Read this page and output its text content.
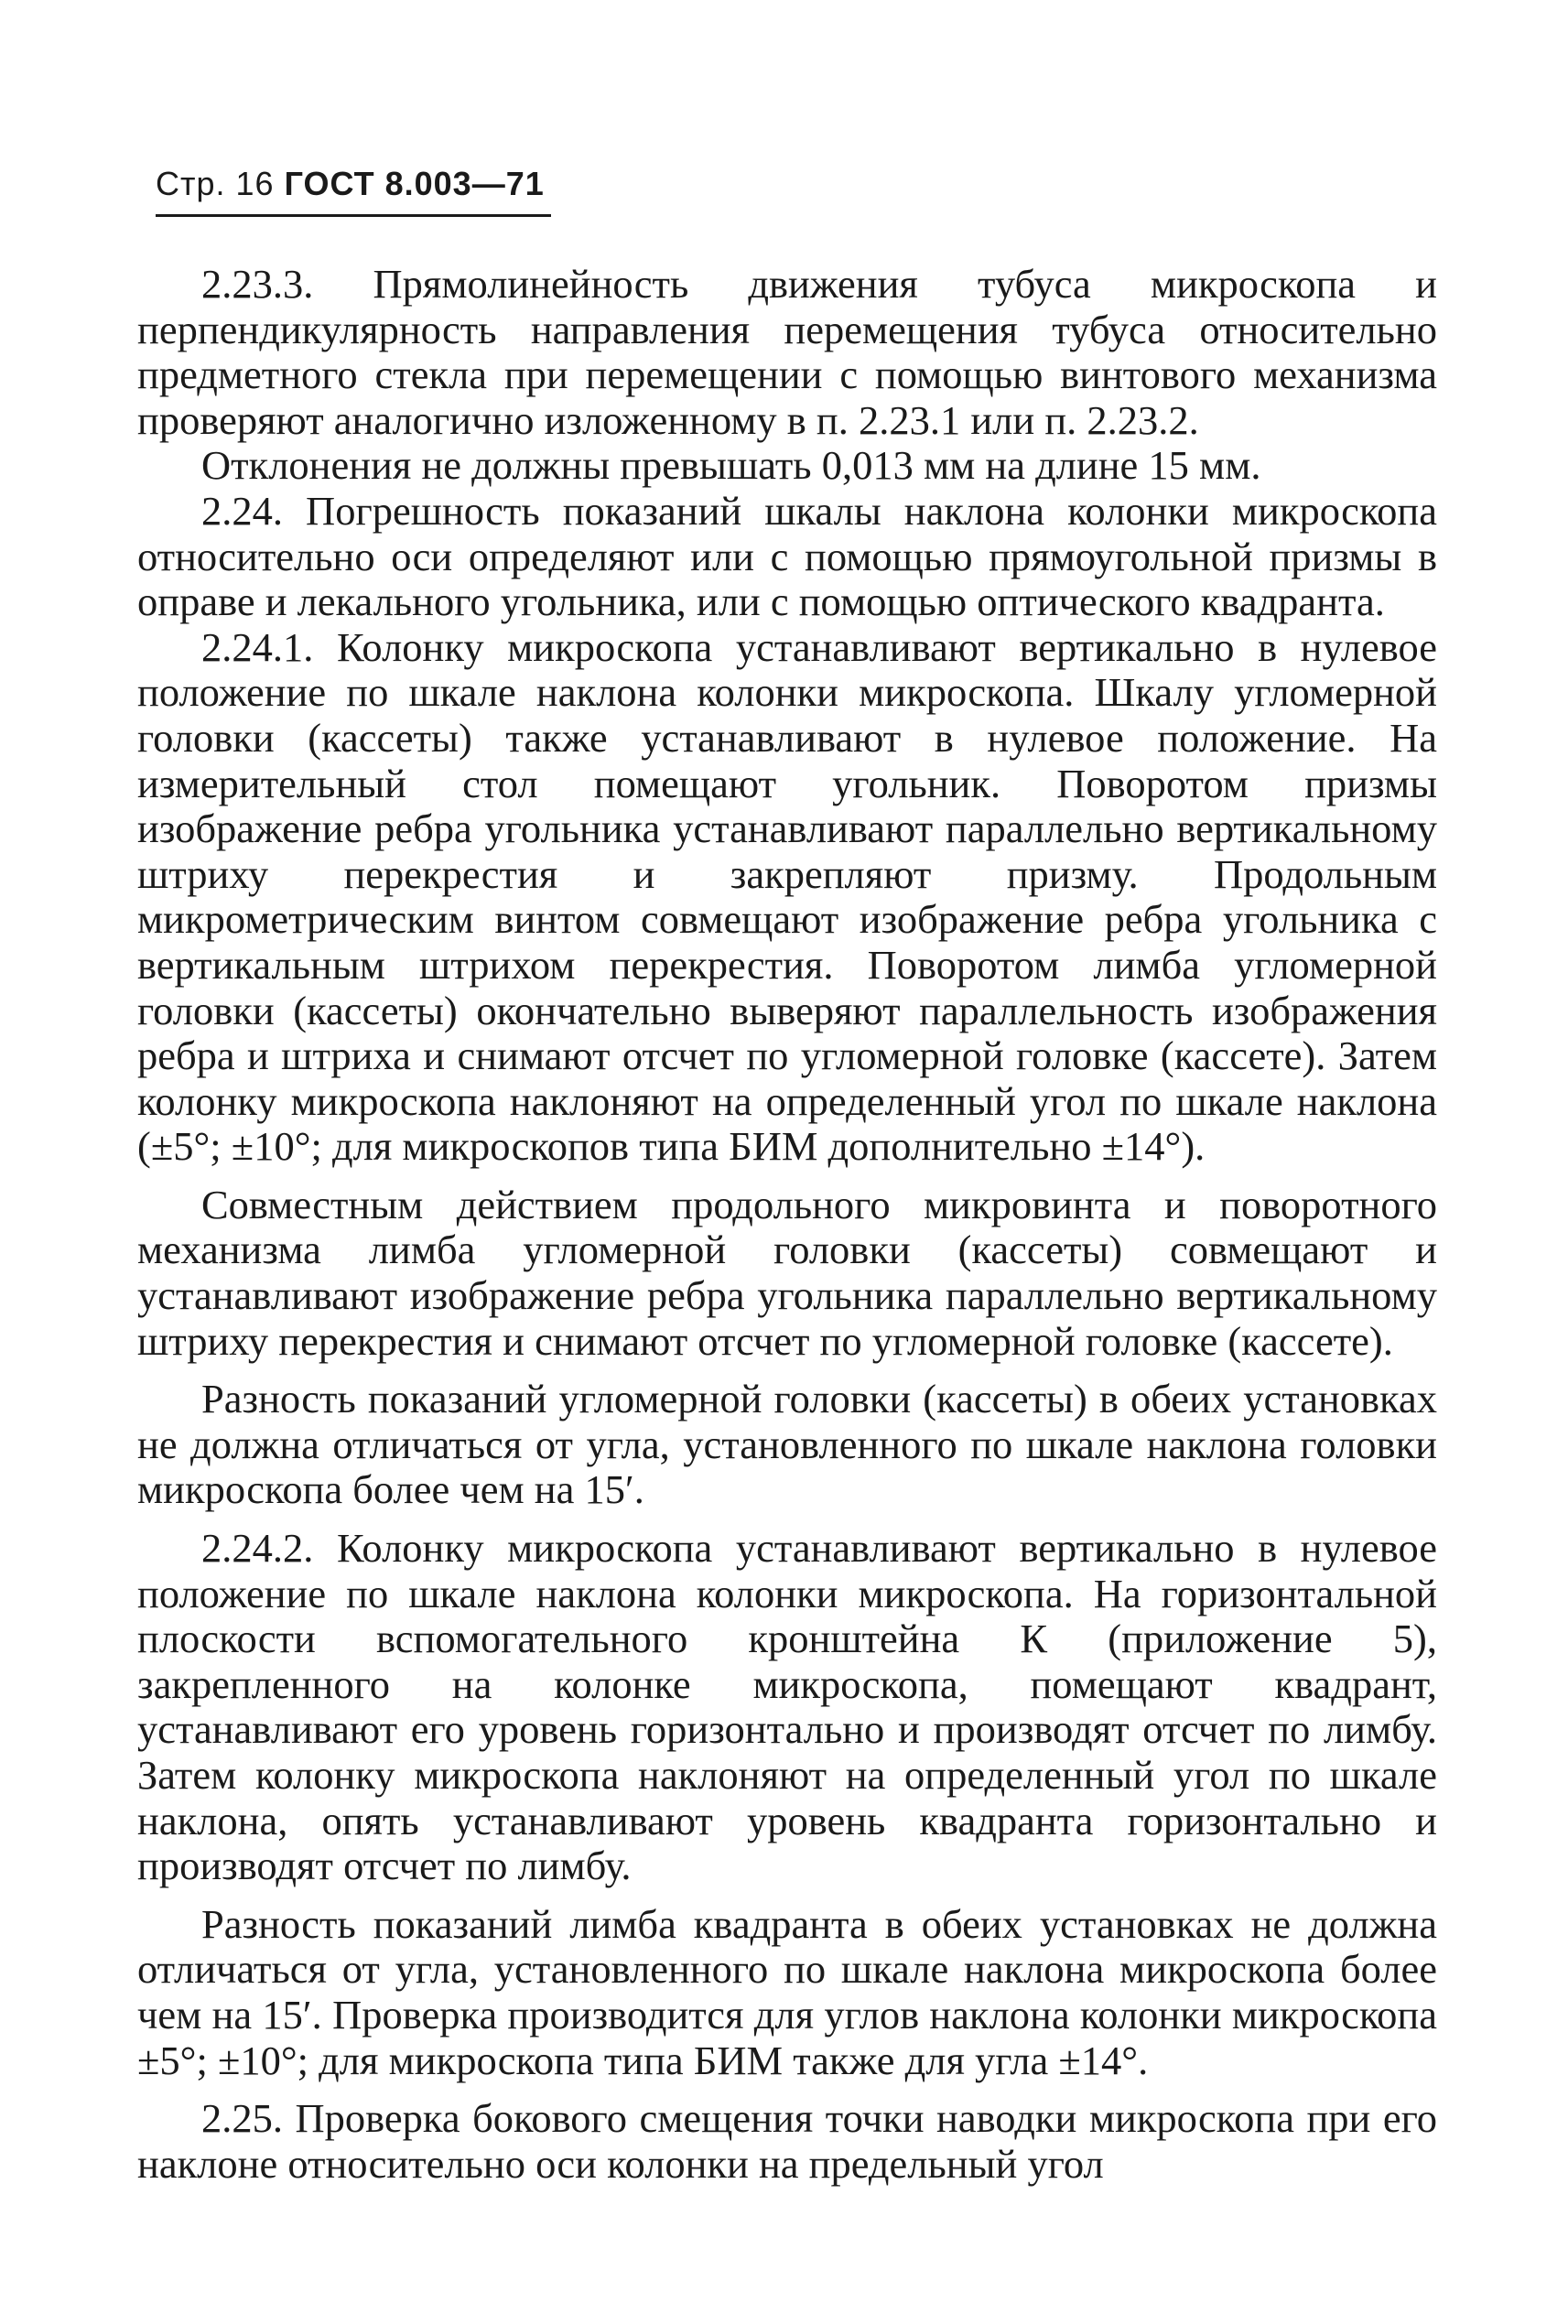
Стр. 16 ГОСТ 8.003—71

2.23.3. Прямолинейность движения тубуса микроскопа и перпендикулярность направления перемещения тубуса относительно предметного стекла при перемещении с помощью винтового механизма проверяют аналогично изложенному в п. 2.23.1 или п. 2.23.2.

Отклонения не должны превышать 0,013 мм на длине 15 мм.

2.24. Погрешность показаний шкалы наклона колонки микроскопа относительно оси определяют или с помощью прямоугольной призмы в оправе и лекального угольника, или с помощью оптического квадранта.

2.24.1. Колонку микроскопа устанавливают вертикально в нулевое положение по шкале наклона колонки микроскопа. Шкалу угломерной головки (кассеты) также устанавливают в нулевое положение. На измерительный стол помещают угольник. Поворотом призмы изображение ребра угольника устанавливают параллельно вертикальному штриху перекрестия и закрепляют призму. Продольным микрометрическим винтом совмещают изображение ребра угольника с вертикальным штрихом перекрестия. Поворотом лимба угломерной головки (кассеты) окончательно выверяют параллельность изображения ребра и штриха и снимают отсчет по угломерной головке (кассете). Затем колонку микроскопа наклоняют на определенный угол по шкале наклона (±5°; ±10°; для микроскопов типа БИМ дополнительно ±14°).

Совместным действием продольного микровинта и поворотного механизма лимба угломерной головки (кассеты) совмещают и устанавливают изображение ребра угольника параллельно вертикальному штриху перекрестия и снимают отсчет по угломерной головке (кассете).

Разность показаний угломерной головки (кассеты) в обеих установках не должна отличаться от угла, установленного по шкале наклона головки микроскопа более чем на 15′.

2.24.2. Колонку микроскопа устанавливают вертикально в нулевое положение по шкале наклона колонки микроскопа. На горизонтальной плоскости вспомогательного кронштейна К (приложение 5), закрепленного на колонке микроскопа, помещают квадрант, устанавливают его уровень горизонтально и производят отсчет по лимбу. Затем колонку микроскопа наклоняют на определенный угол по шкале наклона, опять устанавливают уровень квадранта горизонтально и производят отсчет по лимбу.

Разность показаний лимба квадранта в обеих установках не должна отличаться от угла, установленного по шкале наклона микроскопа более чем на 15′. Проверка производится для углов наклона колонки микроскопа ±5°; ±10°; для микроскопа типа БИМ также для угла ±14°.

2.25. Проверка бокового смещения точки наводки микроскопа при его наклоне относительно оси колонки на предельный угол
